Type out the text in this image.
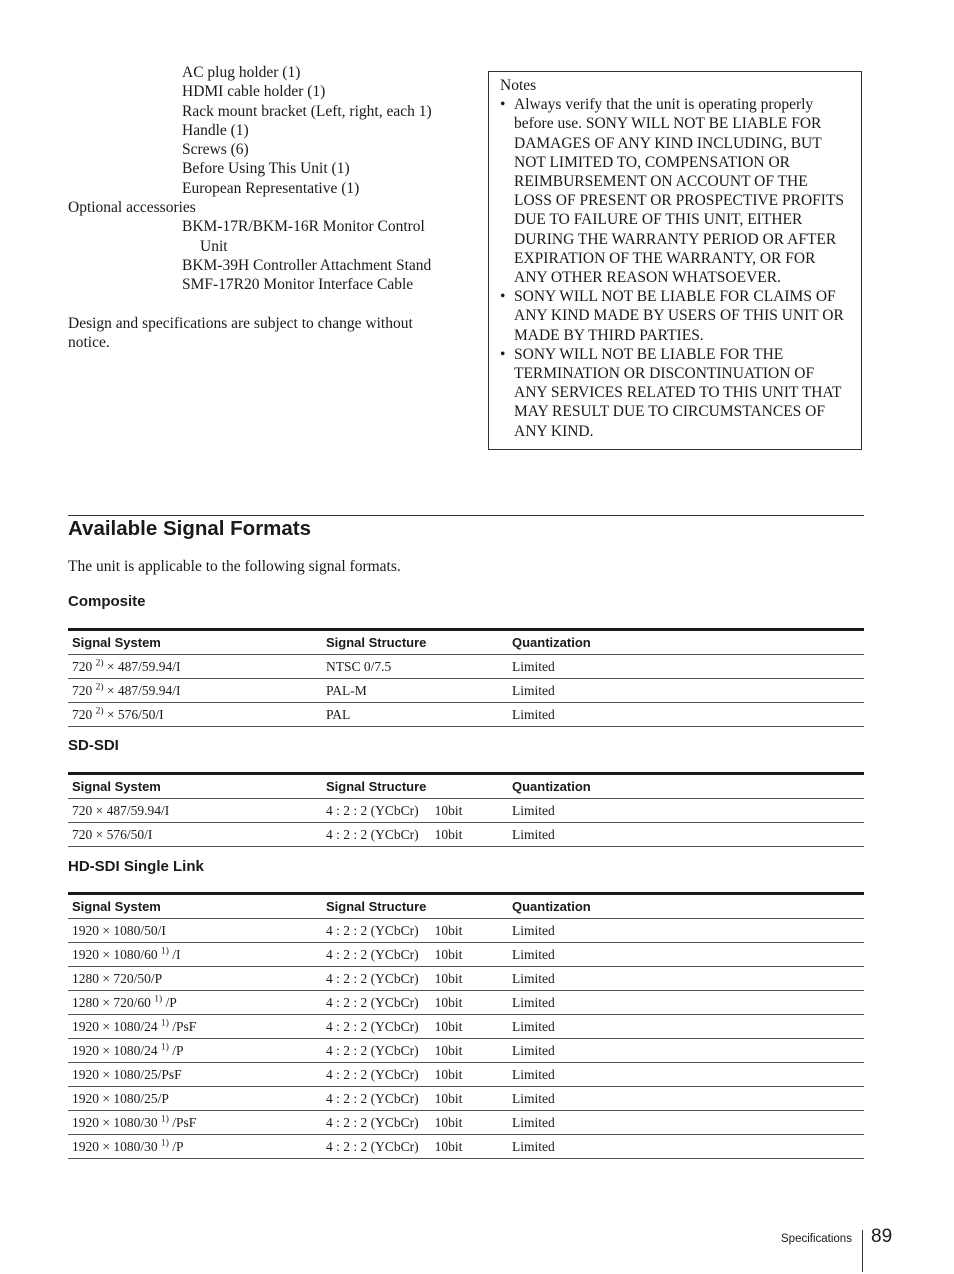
AC plug holder (1)
HDMI cable holder (1)
Rack mount bracket (Left, right, each 1)
Handle (1)
Screws (6)
Before Using This Unit (1)
European Representative (1)
Optional accessories
BKM-17R/BKM-16R Monitor Control Unit
BKM-39H Controller Attachment Stand
SMF-17R20 Monitor Interface Cable
Design and specifications are subject to change without notice.
Notes
• Always verify that the unit is operating properly before use. SONY WILL NOT BE LIABLE FOR DAMAGES OF ANY KIND INCLUDING, BUT NOT LIMITED TO, COMPENSATION OR REIMBURSEMENT ON ACCOUNT OF THE LOSS OF PRESENT OR PROSPECTIVE PROFITS DUE TO FAILURE OF THIS UNIT, EITHER DURING THE WARRANTY PERIOD OR AFTER EXPIRATION OF THE WARRANTY, OR FOR ANY OTHER REASON WHATSOEVER.
• SONY WILL NOT BE LIABLE FOR CLAIMS OF ANY KIND MADE BY USERS OF THIS UNIT OR MADE BY THIRD PARTIES.
• SONY WILL NOT BE LIABLE FOR THE TERMINATION OR DISCONTINUATION OF ANY SERVICES RELATED TO THIS UNIT THAT MAY RESULT DUE TO CIRCUMSTANCES OF ANY KIND.
Available Signal Formats
The unit is applicable to the following signal formats.
Composite
Signal System	Signal Structure	Quantization
720 $^{2)}$ × 487/59.94/I	NTSC 0/7.5	Limited
720 $^{2)}$ × 487/59.94/I	PAL-M	Limited
720 $^{2)}$ × 576/50/I	PAL	Limited
SD-SDI
Signal System	Signal Structure	Quantization
720 × 487/59.94/I	4 : 2 : 2 (YCbCr) 10bit	Limited
720 × 576/50/I	4 : 2 : 2 (YCbCr) 10bit	Limited
HD-SDI Single Link
Signal System	Signal Structure	Quantization
1920 × 1080/50/I	4 : 2 : 2 (YCbCr) 10bit	Limited
1920 × 1080/60 $^{1)}$ /I	4 : 2 : 2 (YCbCr) 10bit	Limited
1280 × 720/50/P	4 : 2 : 2 (YCbCr) 10bit	Limited
1280 × 720/60 $^{1)}$ /P	4 : 2 : 2 (YCbCr) 10bit	Limited
1920 × 1080/24 $^{1)}$ /PsF	4 : 2 : 2 (YCbCr) 10bit	Limited
1920 × 1080/24 $^{1)}$ /P	4 : 2 : 2 (YCbCr) 10bit	Limited
1920 × 1080/25/PsF	4 : 2 : 2 (YCbCr) 10bit	Limited
1920 × 1080/25/P	4 : 2 : 2 (YCbCr) 10bit	Limited
1920 × 1080/30 $^{1)}$ /PsF	4 : 2 : 2 (YCbCr) 10bit	Limited
1920 × 1080/30 $^{1)}$ /P	4 : 2 : 2 (YCbCr) 10bit	Limited
Specifications 89
